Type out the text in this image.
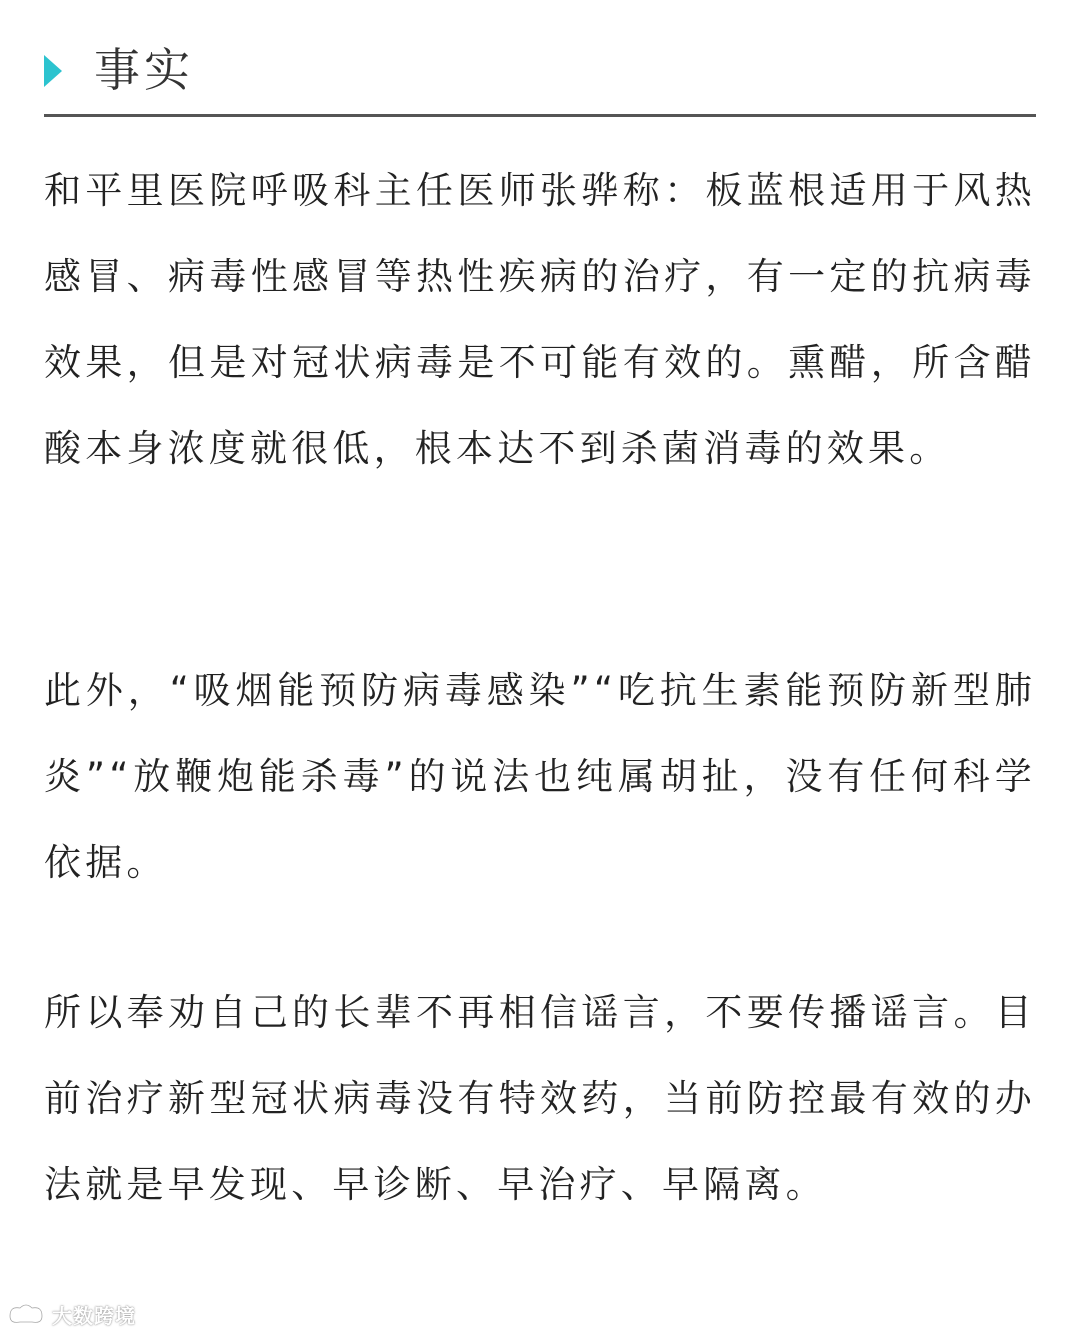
事实

和平里医院呼吸科主任医师张骅称：板蓝根适用于风热感冒、病毒性感冒等热性疾病的治疗，有一定的抗病毒效果，但是对冠状病毒是不可能有效的。熏醋，所含醋酸本身浓度就很低，根本达不到杀菌消毒的效果。

此外，“吸烟能预防病毒感染”“吃抗生素能预防新型肺炎”“放鞭炮能杀毒”的说法也纯属胡扯，没有任何科学依据。

所以奉劝自己的长辈不再相信谣言，不要传播谣言。目前治疗新型冠状病毒没有特效药，当前防控最有效的办法就是早发现、早诊断、早治疗、早隔离。

大数跨境
